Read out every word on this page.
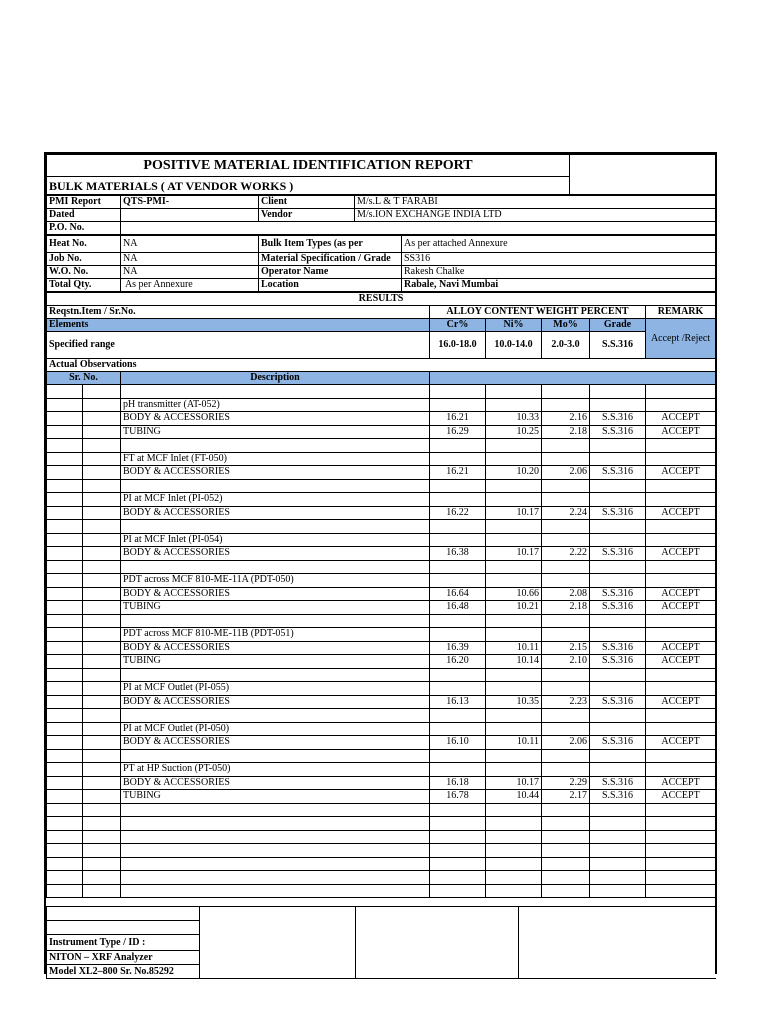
POSITIVE MATERIAL IDENTIFICATION REPORT	
BULK MATERIALS ( AT VENDOR WORKS )
PMI Report	QTS-PMI-	Client	M/s.L & T FARABI
Dated		Vendor	M/s.ION EXCHANGE INDIA LTD
P.O. No.			
Heat No.	NA	Bulk Item Types (as per	As per attached Annexure
Job No.	NA	Material Specification / Grade	SS316
W.O. No.	NA	Operator Name	Rakesh Chalke
Total Qty.	As per Annexure	Location	Rabale, Navi Mumbai
RESULTS							
Reqstn.Item / Sr.No.			ALLOY CONTENT WEIGHT PERCENT				REMARK
Elements			Cr%	Ni%	Mo%	Grade	Accept /Reject
Specified range			16.0-18.0	10.0-14.0	2.0-3.0	S.S.316	
Actual Observations							
Sr. No.		Description					

		pH transmitter (AT-052)					
		BODY & ACCESSORIES	16.21	10.33	2.16	S.S.316	ACCEPT
		TUBING	16.29	10.25	2.18	S.S.316	ACCEPT

		FT at MCF Inlet (FT-050)					
		BODY & ACCESSORIES	16.21	10.20	2.06	S.S.316	ACCEPT

		PI at MCF Inlet (PI-052)					
		BODY & ACCESSORIES	16.22	10.17	2.24	S.S.316	ACCEPT

		PI at MCF Inlet (PI-054)					
		BODY & ACCESSORIES	16.38	10.17	2.22	S.S.316	ACCEPT

		PDT across MCF 810-ME-11A (PDT-050)					
		BODY & ACCESSORIES	16.64	10.66	2.08	S.S.316	ACCEPT
		TUBING	16.48	10.21	2.18	S.S.316	ACCEPT

		PDT across MCF 810-ME-11B (PDT-051)					
		BODY & ACCESSORIES	16.39	10.11	2.15	S.S.316	ACCEPT
		TUBING	16.20	10.14	2.10	S.S.316	ACCEPT

		PI at MCF Outlet (PI-055)					
		BODY & ACCESSORIES	16.13	10.35	2.23	S.S.316	ACCEPT

		PI at MCF Outlet (PI-050)					
		BODY & ACCESSORIES	16.10	10.11	2.06	S.S.316	ACCEPT

		PT at HP Suction (PT-050)					
		BODY & ACCESSORIES	16.18	10.17	2.29	S.S.316	ACCEPT
		TUBING	16.78	10.44	2.17	S.S.316	ACCEPT

Instrument Type / ID :
NITON – XRF Analyzer
Model XL2–800 Sr. No.85292
